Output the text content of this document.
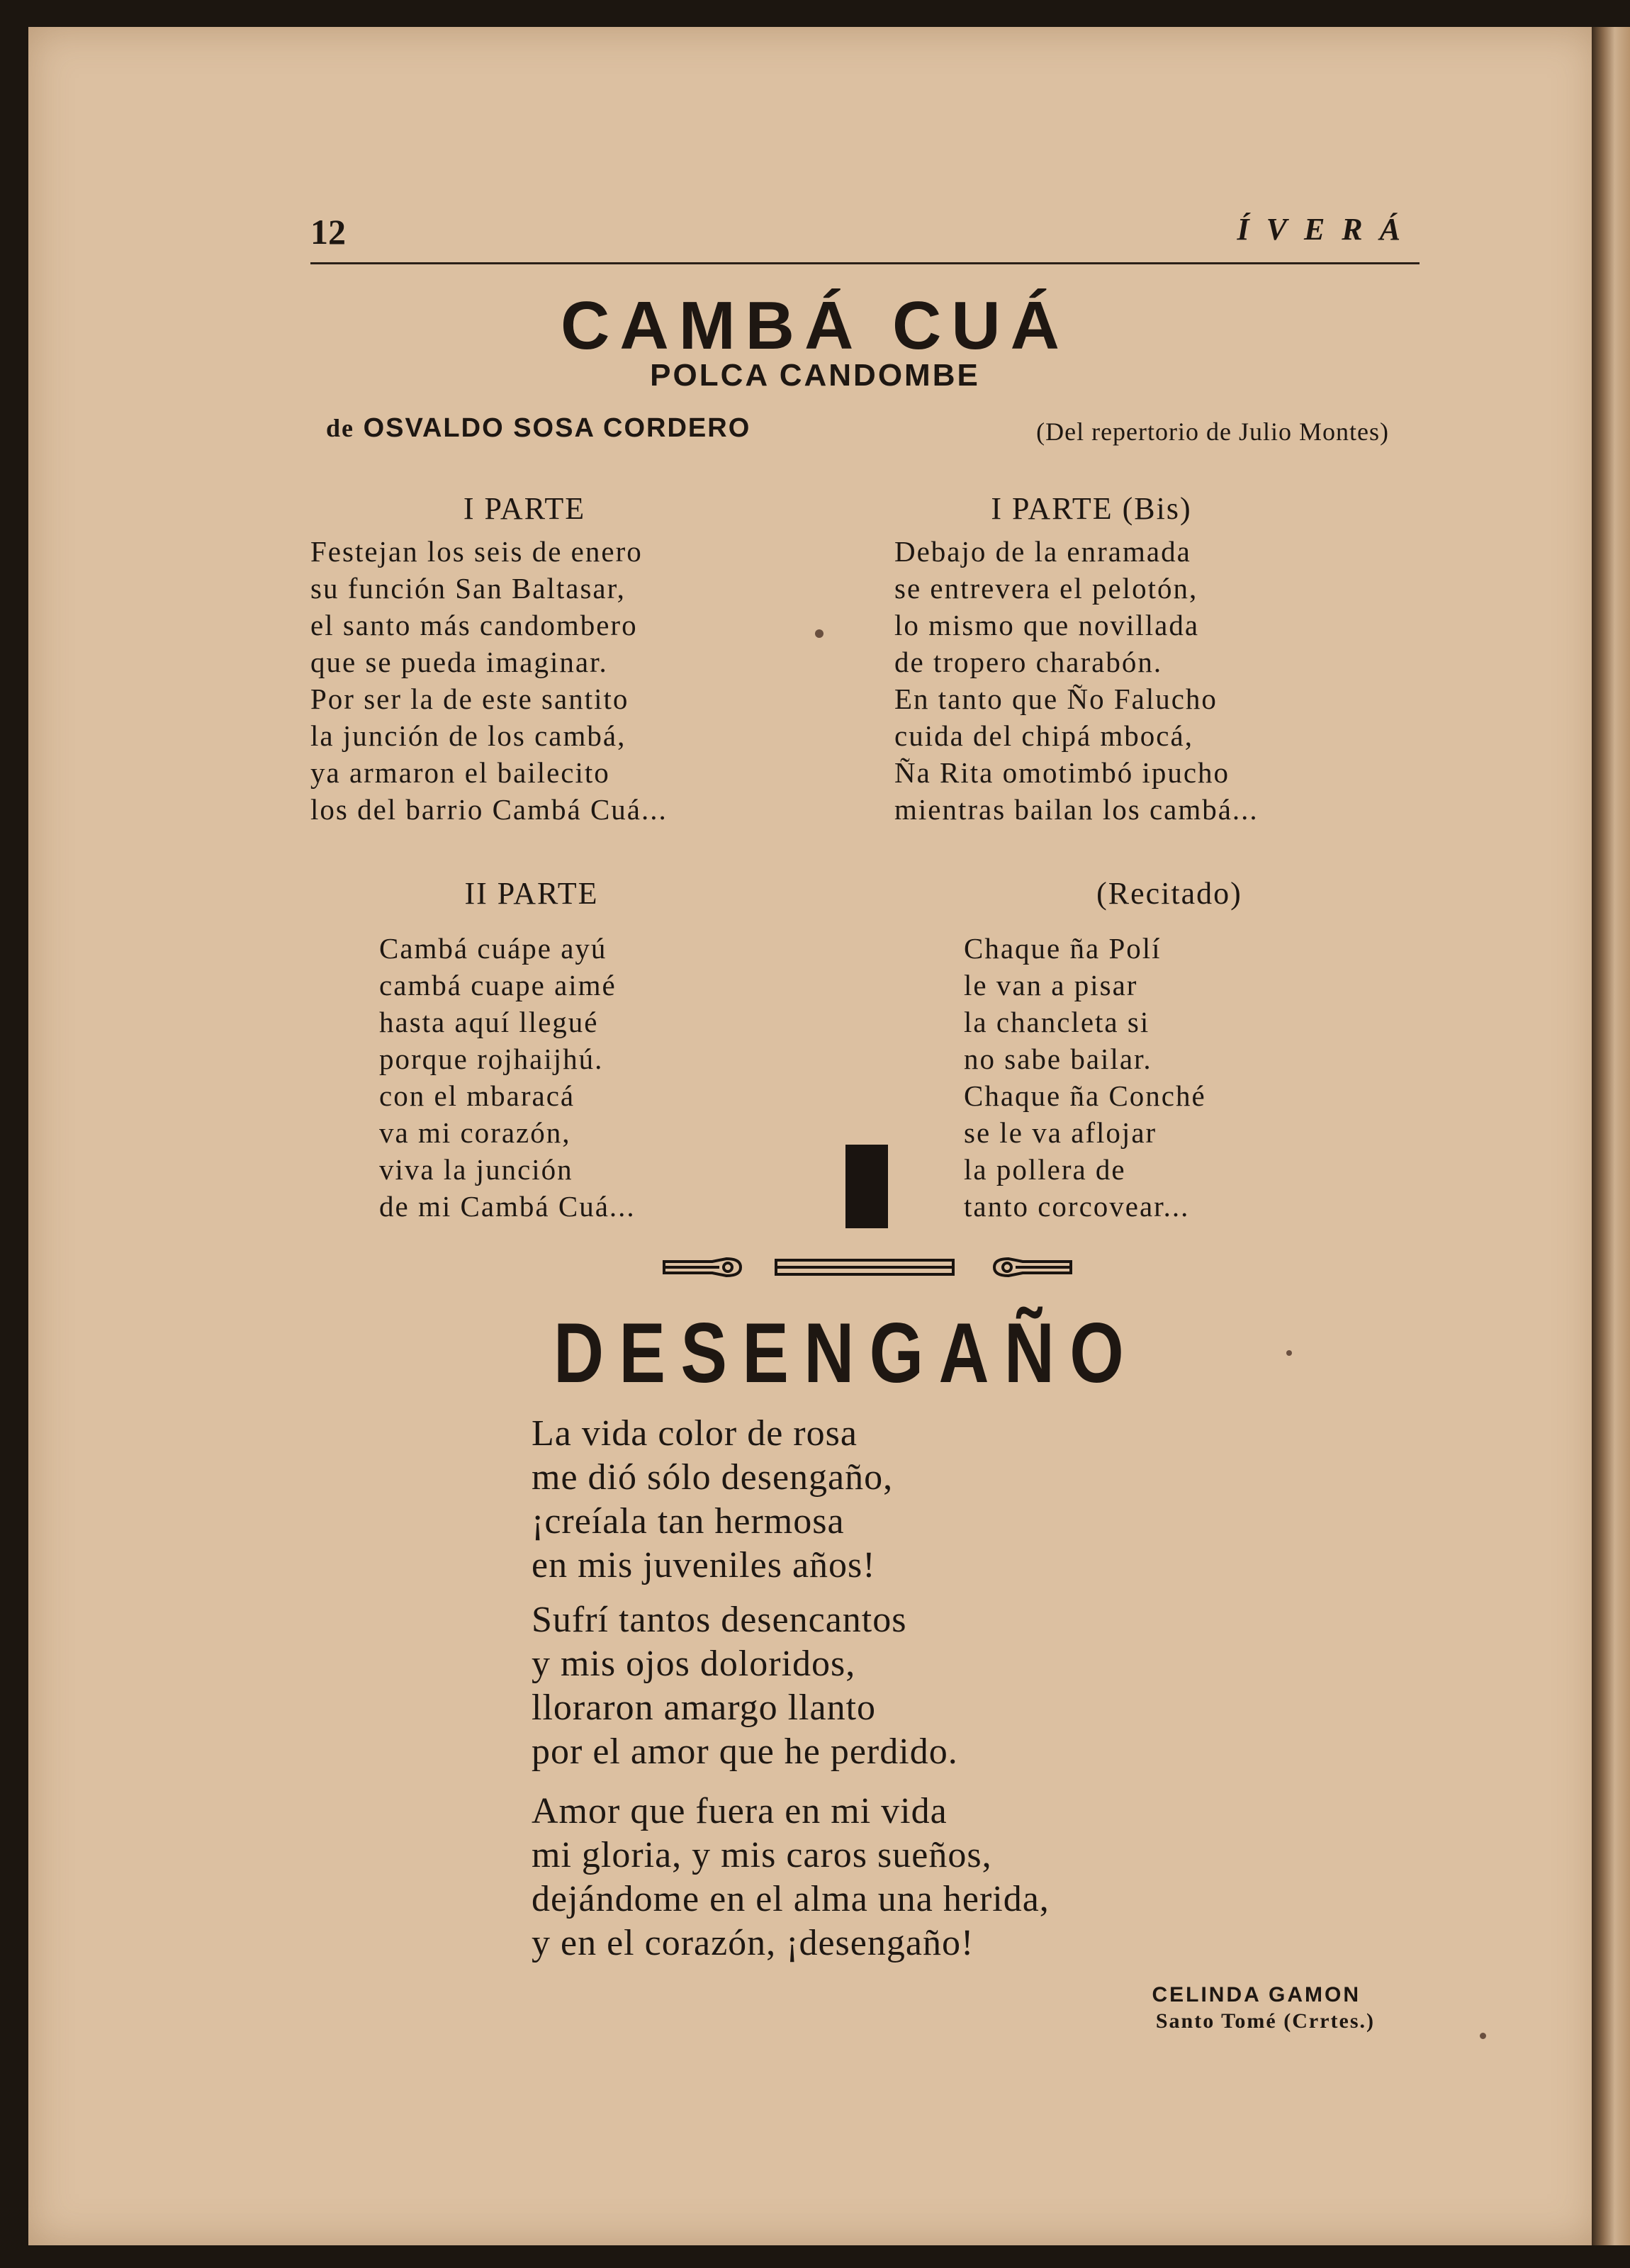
12	ÍVERÁ
CAMBÁ CUÁ
POLCA CANDOMBE
de OSVALDO SOSA CORDERO	(Del repertorio de Julio Montes)
I PARTE
Festejan los seis de enero
su función San Baltasar,
el santo más candombero
que se pueda imaginar.
Por ser la de este santito
la junción de los cambá,
ya armaron el bailecito
los del barrio Cambá Cuá...
I PARTE (Bis)
Debajo de la enramada
se entrevera el pelotón,
lo mismo que novillada
de tropero charabón.
En tanto que Ño Falucho
cuida del chipá mbocá,
Ña Rita omotimbó ipucho
mientras bailan los cambá...
II PARTE
Cambá cuápe ayú
cambá cuape aimé
hasta aquí llegué
porque rojhaijhú.
con el mbaracá
va mi corazón,
viva la junción
de mi Cambá Cuá...
(Recitado)
Chaque ña Polí
le van a pisar
la chancleta si
no sabe bailar.
Chaque ña Conché
se le va aflojar
la pollera de
tanto corcovear...
DESENGAÑO
La vida color de rosa
me dió sólo desengaño,
¡creíala tan hermosa
en mis juveniles años!
Sufrí tantos desencantos
y mis ojos doloridos,
lloraron amargo llanto
por el amor que he perdido.
Amor que fuera en mi vida
mi gloria, y mis caros sueños,
dejándome en el alma una herida,
y en el corazón, ¡desengaño!
CELINDA GAMON
Santo Tomé (Crrtes.)
